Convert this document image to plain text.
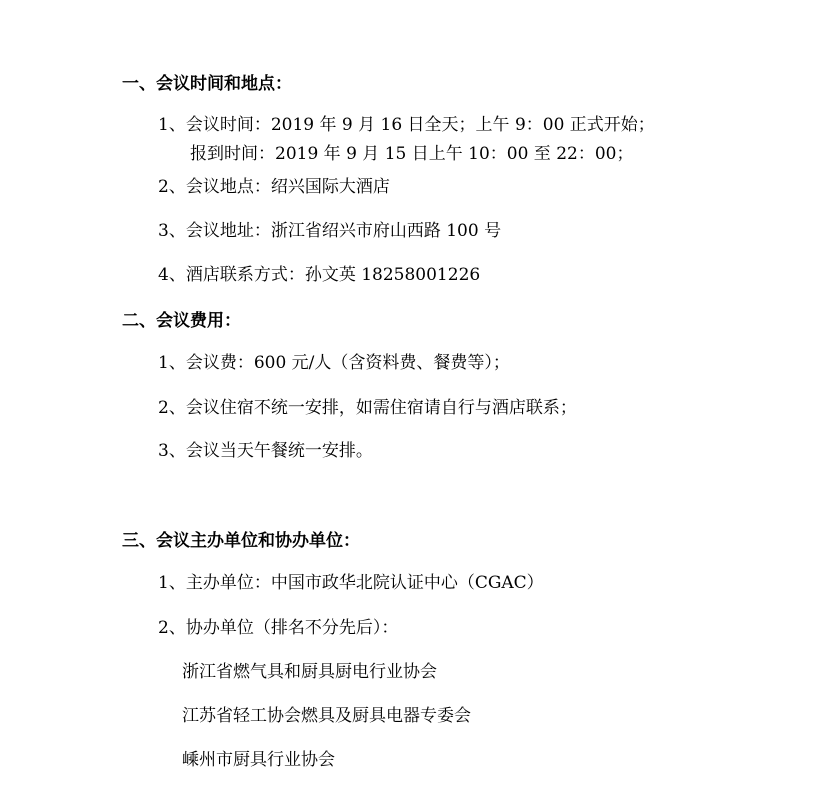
一、会议时间和地点：
1、会议时间：2019 年 9 月 16 日全天；上午 9：00 正式开始；
报到时间：2019 年 9 月 15 日上午 10：00 至 22：00；
2、会议地点：绍兴国际大酒店
3、会议地址：浙江省绍兴市府山西路 100 号
4、酒店联系方式：孙文英 18258001226
二、会议费用：
1、会议费：600 元/人（含资料费、餐费等）；
2、会议住宿不统一安排，如需住宿请自行与酒店联系；
3、会议当天午餐统一安排。
三、会议主办单位和协办单位：
1、主办单位：中国市政华北院认证中心（CGAC）
2、协办单位（排名不分先后）：
浙江省燃气具和厨具厨电行业协会
江苏省轻工协会燃具及厨具电器专委会
嵊州市厨具行业协会
